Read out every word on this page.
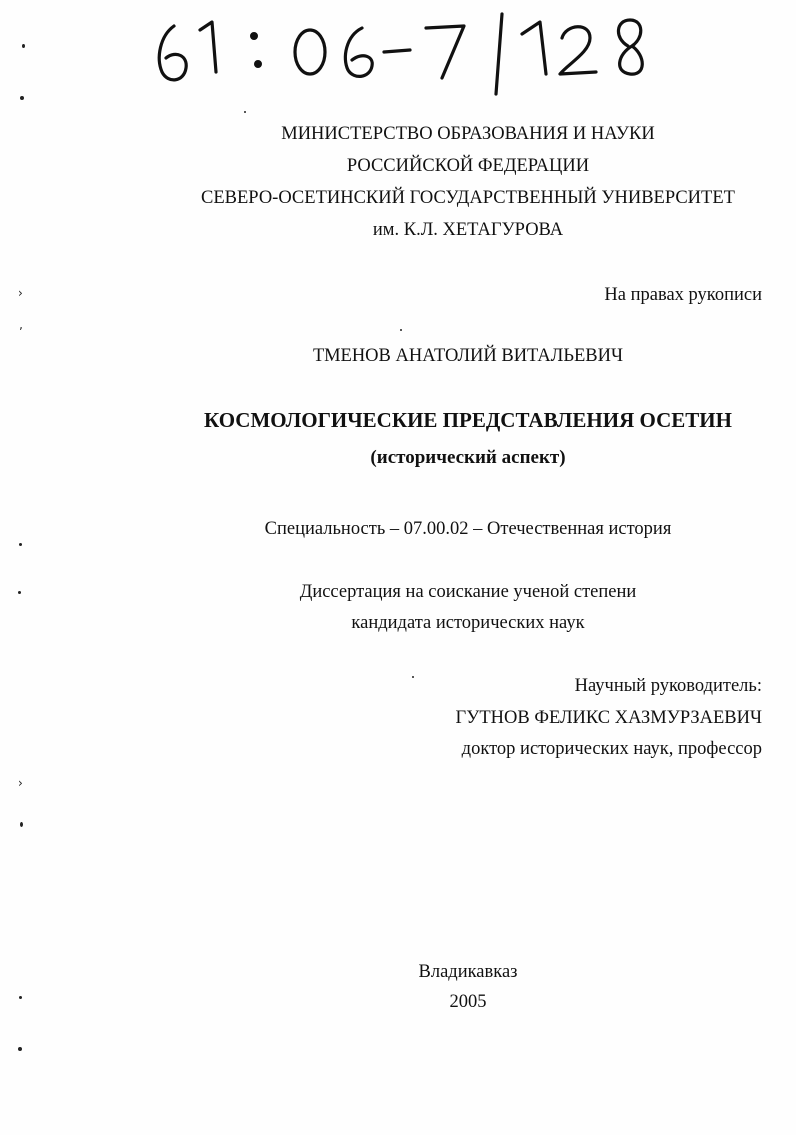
МИНИСТЕРСТВО ОБРАЗОВАНИЯ И НАУКИ
РОССИЙСКОЙ ФЕДЕРАЦИИ
СЕВЕРО-ОСЕТИНСКИЙ ГОСУДАРСТВЕННЫЙ УНИВЕРСИТЕТ
им. К.Л. ХЕТАГУРОВА
На правах рукописи
ТМЕНОВ АНАТОЛИЙ ВИТАЛЬЕВИЧ
КОСМОЛОГИЧЕСКИЕ ПРЕДСТАВЛЕНИЯ ОСЕТИН
(исторический аспект)
Специальность – 07.00.02 – Отечественная история
Диссертация на соискание ученой степени
кандидата исторических наук
Научный руководитель:
ГУТНОВ ФЕЛИКС ХАЗМУРЗАЕВИЧ
доктор исторических наук, профессор
Владикавказ
2005
›
ʼ
›
